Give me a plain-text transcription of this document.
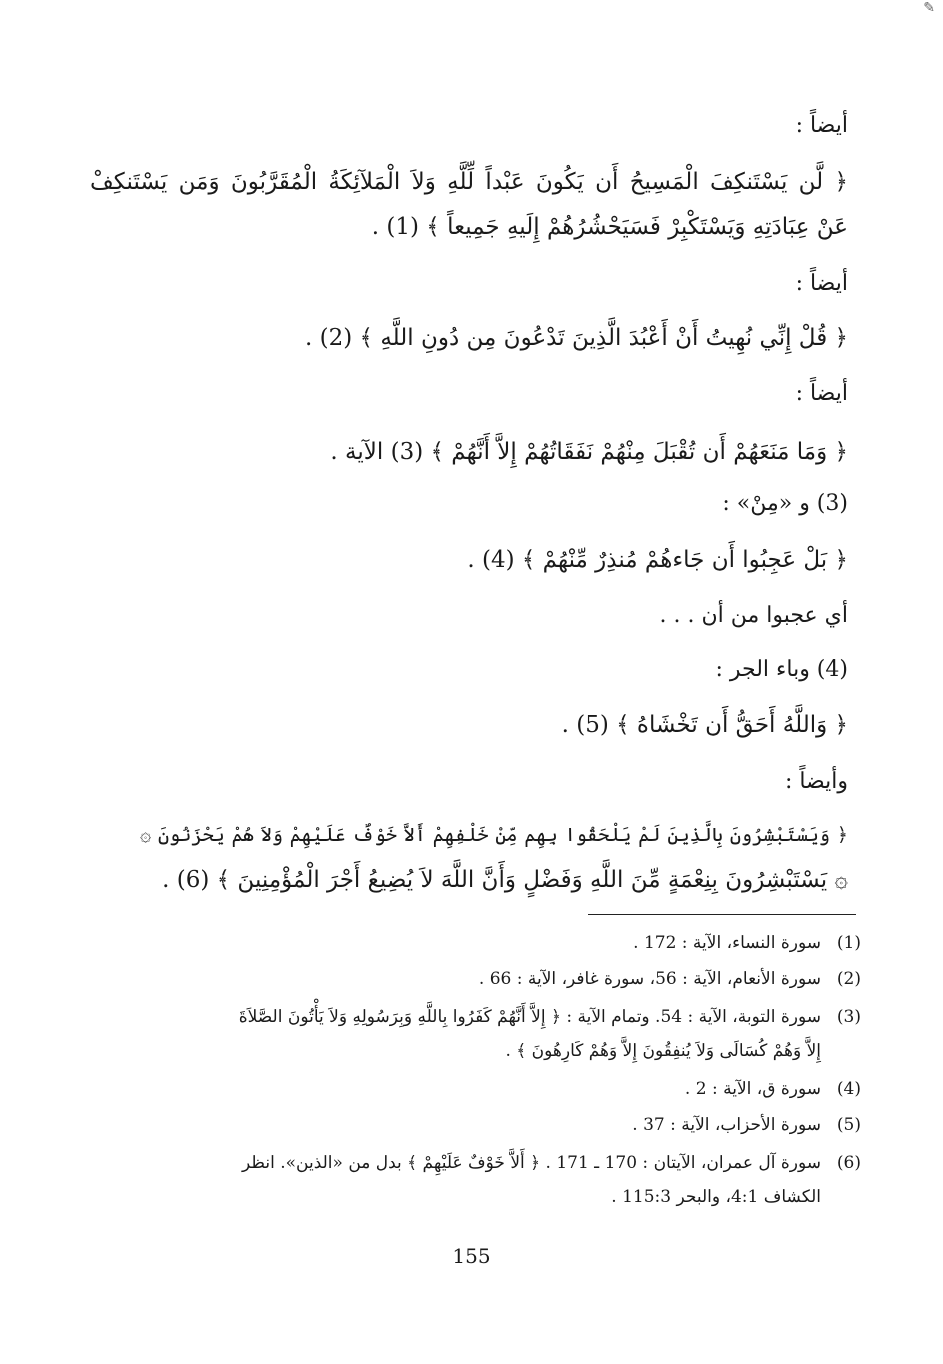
✎
أيضاً :
﴿ لَّن يَسْتَنكِفَ الْمَسِيحُ أَن يَكُونَ عَبْداً لِّلَّهِ وَلاَ الْمَلآئِكَةُ الْمُقَرَّبُونَ وَمَن يَسْتَنكِفْ
عَنْ عِبَادَتِهِ وَيَسْتَكْبِرْ فَسَيَحْشُرُهُمْ إِلَيهِ جَمِيعاً ﴾ (1) .
أيضاً :
﴿ قُلْ إِنِّي نُهِيتُ أَنْ أَعْبُدَ الَّذِينَ تَدْعُونَ مِن دُونِ اللَّهِ ﴾ (2) .
أيضاً :
﴿ وَمَا مَنَعَهُمْ أَن تُقْبَلَ مِنْهُمْ نَفَقَاتُهُمْ إِلاَّ أَنَّهُمْ ﴾ (3) الآية .
(3) و «مِنْ» :
﴿ بَلْ عَجِبُوا أَن جَاءهُمْ مُنذِرٌ مِّنْهُمْ ﴾ (4) .
أي عجبوا من أن . . .
(4) وباء الجر :
﴿ وَاللَّهُ أَحَقُّ أَن تَخْشَاهُ ﴾ (5) .
وأيضاً :
﴿ وَيَسْتَبْشِرُونَ بِالَّذِينَ لَمْ يَلْحَقُوا بِهِم مِّنْ خَلْفِهِمْ أَلاَّ خَوْفٌ عَلَيْهِمْ وَلاَ هُمْ يَحْزَنُونَ ۞
۞ يَسْتَبْشِرُونَ بِنِعْمَةٍ مِّنَ اللَّهِ وَفَضْلٍ وَأَنَّ اللَّهَ لاَ يُضِيعُ أَجْرَ الْمُؤْمِنِينَ ﴾ (6) .
(1)سورة النساء، الآية : 172 .
(2)سورة الأنعام، الآية : 56، سورة غافر، الآية : 66 .
(3)سورة التوبة، الآية : 54. وتمام الآية : ﴿ إِلاَّ أَنَّهُمْ كَفَرُوا بِاللَّهِ وَبِرَسُولِهِ وَلاَ يَأْتُونَ الصَّلاَةَ
إِلاَّ وَهُمْ كُسَالَى وَلاَ يُنفِقُونَ إِلاَّ وَهُمْ كَارِهُونَ ﴾ .
(4)سورة ق، الآية : 2 .
(5)سورة الأحزاب، الآية : 37 .
(6)سورة آل عمران، الآيتان : 170 ـ 171 . ﴿ أَلاَّ خَوْفٌ عَلَيْهِمْ ﴾ بدل من «الذين». انظر
الكشاف 4:1، والبحر 115:3 .
155
